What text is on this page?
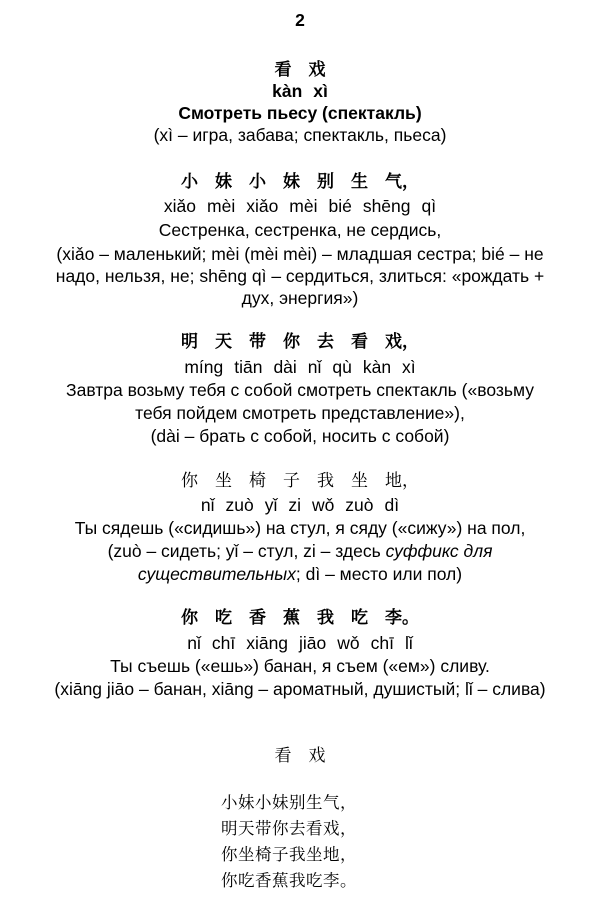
2
看　戏
kàn xì
Смотреть пьесу (спектакль)
(xì – игра, забава; спектакль, пьеса)
小　妹　小　妹　别　生　气，
xiǎo mèi xiǎo mèi bié shēng qì
Сестренка, сестренка, не сердись,
(xiǎo – маленький; mèi (mèi mèi) – младшая сестра; bié – не
надо, нельзя, не; shēng qì – сердиться, злиться: «рождать +
дух, энергия»)
明　天　带　你　去　看　戏，
míng tiān dài nǐ qù kàn xì
Завтра возьму тебя с собой смотреть спектакль («возьму
тебя пойдем смотреть представление»),
(dài – брать с собой, носить с собой)
你　坐　椅　子　我　坐　地，
nǐ zuò yǐ zi wǒ zuò dì
Ты сядешь («сидишь») на стул, я сяду («сижу») на пол,
(zuò – сидеть; yǐ – стул, zi – здесь суффикс для
существительных; dì – место или пол)
你　吃　香　蕉　我　吃　李。
nǐ chī xiāng jiāo wǒ chī lǐ
Ты съешь («ешь») банан, я съем («ем») сливу.
(xiāng jiāo – банан, xiāng – ароматный, душистый; lǐ – слива)
看　戏
小妹小妹别生气，
明天带你去看戏，
你坐椅子我坐地，
你吃香蕉我吃李。
